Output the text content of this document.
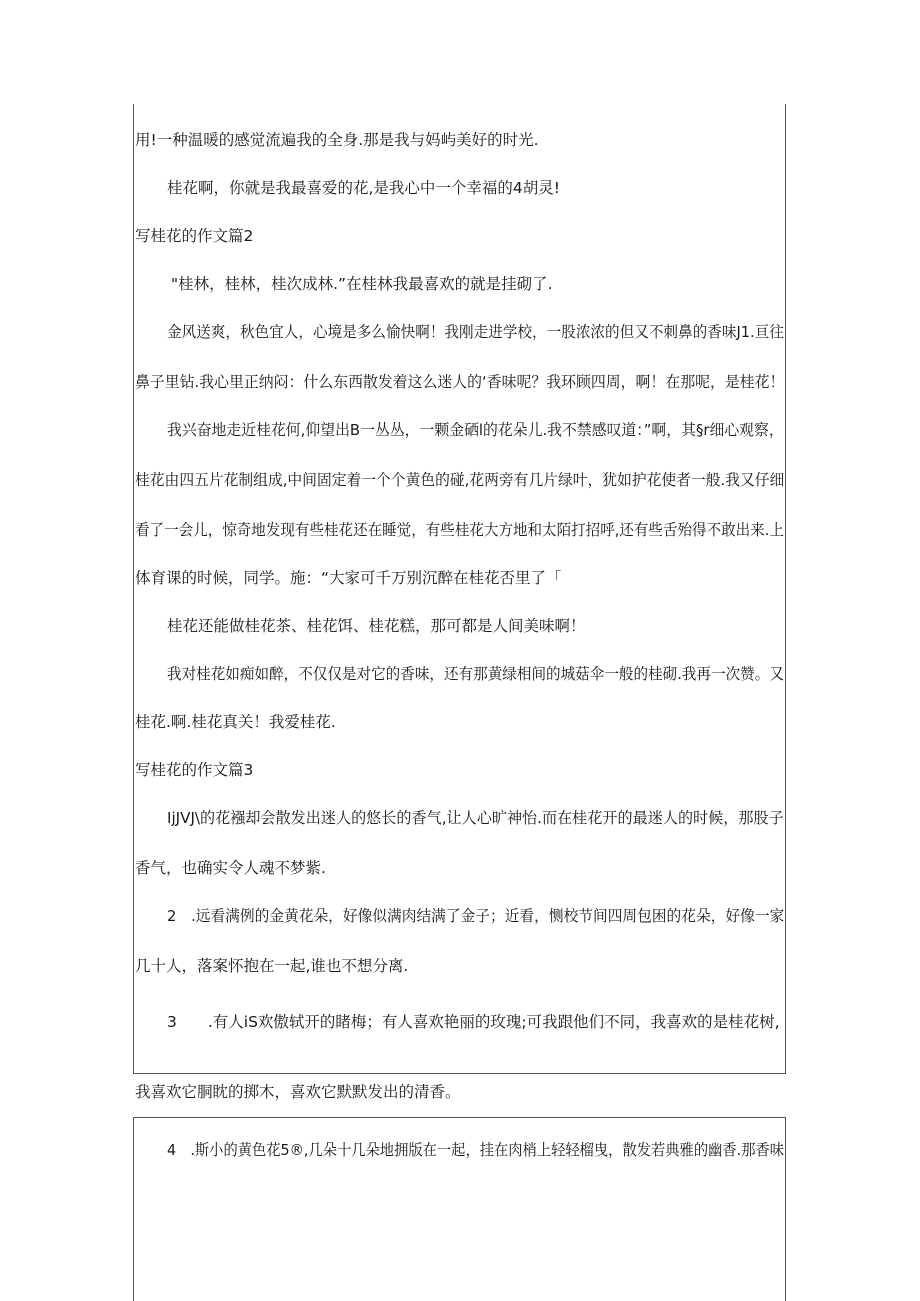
用!一种温暖的感觉流遍我的全身.那是我与妈屿美好的时光.
桂花啊，你就是我最喜爱的花,是我心中一个幸福的4胡灵!
写桂花的作文篇2
"桂林，桂林，桂次成林.”在桂林我最喜欢的就是挂砌了.
金风送爽，秋色宜人，心境是多么愉快啊！我刚走进学校，一股浓浓的但又不刺鼻的香味J1.亘往
鼻子里钻.我心里正纳闷：什么东西散发着这么迷人的‘香味呢？我环顾四周，啊！在那呢，是桂花！
我兴奋地走近桂花何,仰望出B一丛丛，一颗金硒l的花朵儿.我不禁感叹道：”啊，其§r细心观察，
桂花由四五片花制组成,中间固定着一个个黄色的碰,花两旁有几片绿叶，犹如护花使者一般.我又仔细
看了一会儿，惊奇地发现有些桂花还在睡觉，有些桂花大方地和太陌打招呼,还有些舌殆得不敢出来.上
体育课的时候，同学。施：“大家可千万别沉醉在桂花否里了「
桂花还能做桂花茶、桂花饵、桂花糕，那可都是人间美味啊！
我对桂花如痴如醉，不仅仅是对它的香味，还有那黄绿相间的城菇伞一般的桂砌.我再一次赞。又
桂花.啊.桂花真关！我爱桂花.
写桂花的作文篇3
IjJVJ\的花襁却会散发出迷人的悠长的香气,让人心旷神怡.而在桂花开的最迷人的时候，那股子
香气，也确实令人魂不梦紫.
2　.远看满例的金黄花朵，好像似满肉结满了金子；近看，恻校节间四周包困的花朵，好像一家
几十人，落案怀抱在一起,谁也不想分离.
3　　.有人iS欢傲轼开的睹梅；有人喜欢艳丽的玫瑰;可我跟他们不同，我喜欢的是桂花树,
我喜欢它胴眈的掷木，喜欢它默默发出的清香。
4　.斯小的黄色花5®,几朵十几朵地拥版在一起，挂在肉梢上轻轻榴曳，散发若典雅的幽香.那香味
